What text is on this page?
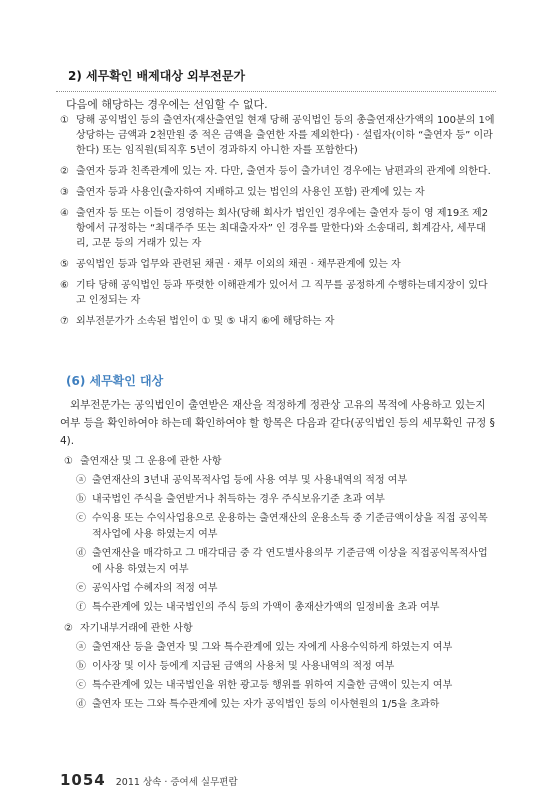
2) 세무확인 배제대상 외부전문가
다음에 해당하는 경우에는 선임할 수 없다.
① 당해 공익법인 등의 출연자(재산출연일 현재 당해 공익법인 등의 총출연재산가액의 100분의 1에 상당하는 금액과 2천만원 중 적은 금액을 출연한 자를 제외한다) · 설립자(이하 “출연자 등” 이라 한다) 또는 임직원(퇴직후 5년이 경과하지 아니한 자를 포함한다)
② 출연자 등과 친족관계에 있는 자. 다만, 출연자 등이 출가녀인 경우에는 남편과의 관계에 의한다.
③ 출연자 등과 사용인(출자하여 지배하고 있는 법인의 사용인 포함) 관계에 있는 자
④ 출연자 등 또는 이들이 경영하는 회사(당해 회사가 법인인 경우에는 출연자 등이 영 제19조 제2항에서 규정하는 “최대주주 또는 최대출자자” 인 경우를 말한다)와 소송대리, 회계감사, 세무대리, 고문 등의 거래가 있는 자
⑤ 공익법인 등과 업무와 관련된 채권 · 채무 이외의 채권 · 채무관계에 있는 자
⑥ 기타 당해 공익법인 등과 뚜렷한 이해관계가 있어서 그 직무를 공정하게 수행하는데지장이 있다고 인정되는 자
⑦ 외부전문가가 소속된 법인이 ① 및 ⑤ 내지 ⑥에 해당하는 자
(6) 세무확인 대상
외부전문가는 공익법인이 출연받은 재산을 적정하게 정관상 고유의 목적에 사용하고 있는지 여부 등을 확인하여야 하는데 확인하여야 할 항목은 다음과 같다(공익법인 등의 세무확인 규정 § 4).
① 출연재산 및 그 운용에 관한 사항
ⓐ 출연재산의 3년내 공익목적사업 등에 사용 여부 및 사용내역의 적정 여부
ⓑ 내국법인 주식을 출연받거나 취득하는 경우 주식보유기준 초과 여부
ⓒ 수익용 또는 수익사업용으로 운용하는 출연재산의 운용소득 중 기준금액이상을 직접 공익목적사업에 사용 하였는지 여부
ⓓ 출연재산을 매각하고 그 매각대금 중 각 연도별사용의무 기준금액 이상을 직접공익목적사업에 사용 하였는지 여부
ⓔ 공익사업 수혜자의 적정 여부
ⓕ 특수관계에 있는 내국법인의 주식 등의 가액이 총재산가액의 일정비율 초과 여부
② 자기내부거래에 관한 사항
ⓐ 출연재산 등을 출연자 및 그와 특수관계에 있는 자에게 사용수익하게 하였는지 여부
ⓑ 이사장 및 이사 등에게 지급된 금액의 사용처 및 사용내역의 적정 여부
ⓒ 특수관계에 있는 내국법인을 위한 광고등 행위를 위하여 지출한 금액이 있는지 여부
ⓓ 출연자 또는 그와 특수관계에 있는 자가 공익법인 등의 이사현원의 1/5을 초과하
1054 2011 상속 · 증여세 실무편람
